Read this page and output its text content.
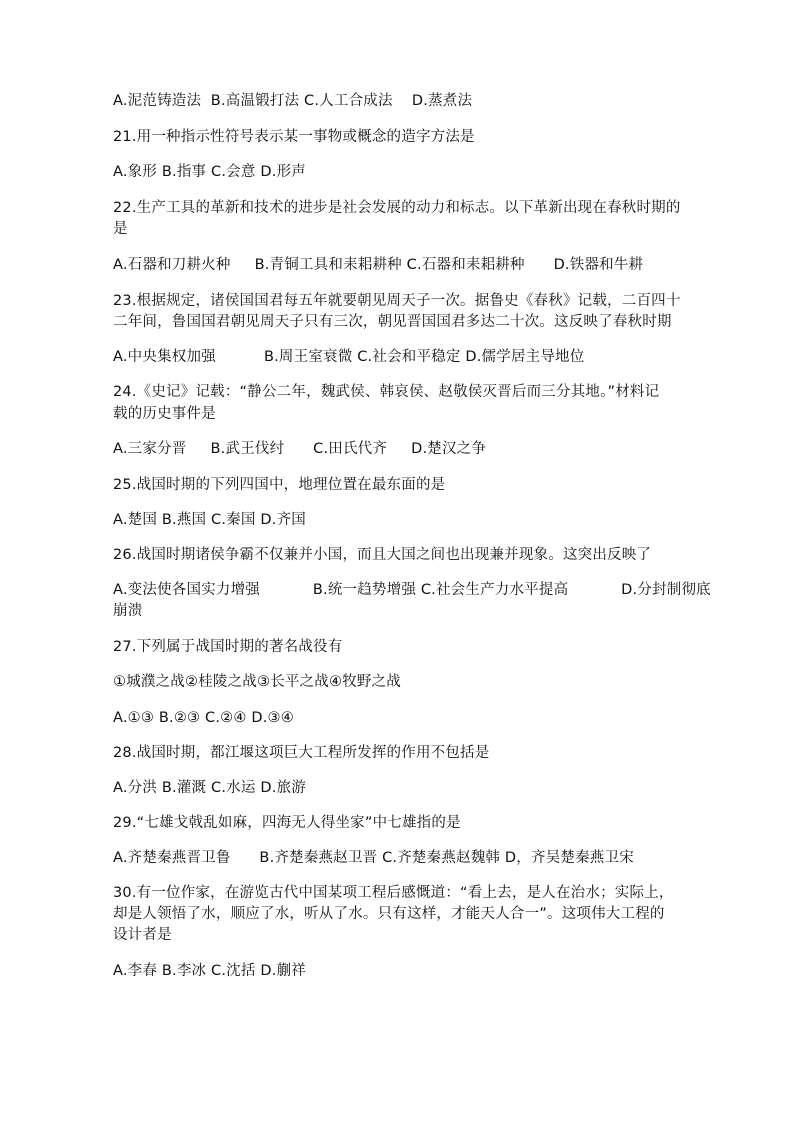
A.泥范铸造法  B.高温锻打法 C.人工合成法    D.蒸煮法
21.用一种指示性符号表示某一事物或概念的造字方法是
A.象形 B.指事 C.会意 D.形声
22.生产工具的革新和技术的进步是社会发展的动力和标志。以下革新出现在春秋时期的
是
A.石器和刀耕火种     B.青铜工具和耒耜耕种 C.石器和耒耜耕种      D.铁器和牛耕
23.根据规定，诸侯国国君每五年就要朝见周天子一次。据鲁史《春秋》记载，二百四十
二年间，鲁国国君朝见周天子只有三次，朝见晋国国君多达二十次。这反映了春秋时期
A.中央集权加强          B.周王室衰微 C.社会和平稳定 D.儒学居主导地位
24.《史记》记载：“静公二年，魏武侯、韩哀侯、赵敬侯灭晋后而三分其地。”材料记
载的历史事件是
A.三家分晋     B.武王伐纣      C.田氏代齐     D.楚汉之争
25.战国时期的下列四国中，地理位置在最东面的是
A.楚国 B.燕国 C.秦国 D.齐国
26.战国时期诸侯争霸不仅兼并小国，而且大国之间也出现兼并现象。这突出反映了
A.变法使各国实力增强           B.统一趋势增强 C.社会生产力水平提高           D.分封制彻底
崩溃
27.下列属于战国时期的著名战役有
①城濮之战②桂陵之战③长平之战④牧野之战
A.①③ B.②③ C.②④ D.③④
28.战国时期，都江堰这项巨大工程所发挥的作用不包括是
A.分洪 B.灌溉 C.水运 D.旅游
29.“七雄戈戟乱如麻，四海无人得坐家”中七雄指的是
A.齐楚秦燕晋卫鲁      B.齐楚秦燕赵卫晋 C.齐楚秦燕赵魏韩 D，齐吴楚秦燕卫宋
30.有一位作家，在游览古代中国某项工程后感慨道：“看上去，是人在治水；实际上，
却是人领悟了水，顺应了水，听从了水。只有这样，才能天人合一”。这项伟大工程的
设计者是
A.李春 B.李冰 C.沈括 D.蒯祥
